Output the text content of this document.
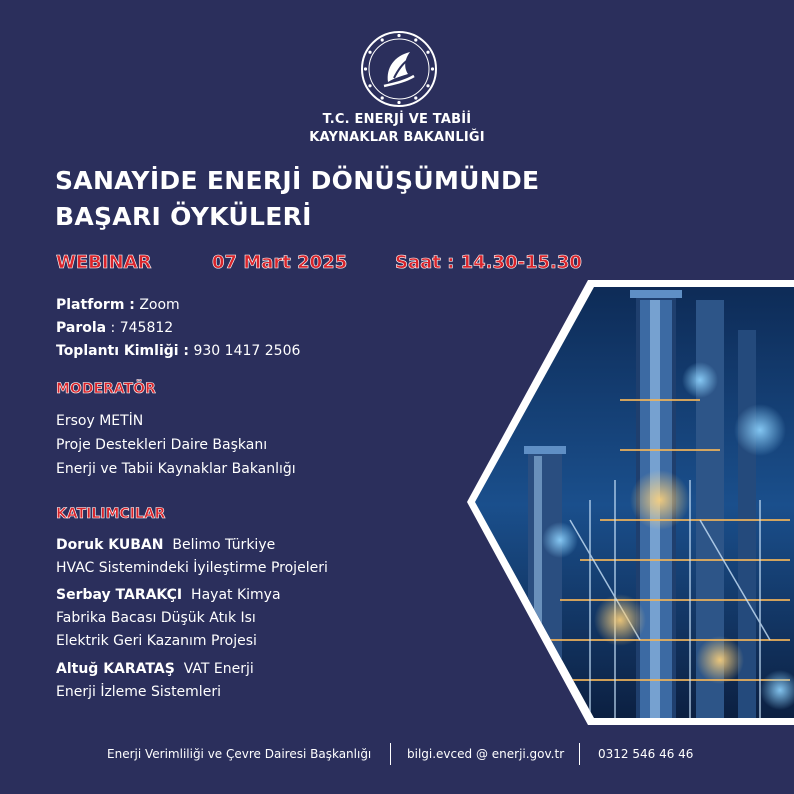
T.C. ENERJİ VE TABİİ
KAYNAKLAR BAKANLIĞI
SANAYİDE ENERJİ DÖNÜŞÜMÜNDE
BAŞARI ÖYKÜLERİ
WEBINAR	07 Mart 2025	Saat : 14.30-15.30
Platform : Zoom
Parola : 745812
Toplantı Kimliği : 930 1417 2506
MODERATÖR
Ersoy METİN
Proje Destekleri Daire Başkanı
Enerji ve Tabii Kaynaklar Bakanlığı
KATILIMCILAR
Doruk KUBAN Belimo Türkiye
HVAC Sistemindeki İyileştirme Projeleri
Serbay TARAKÇI Hayat Kimya
Fabrika Bacası Düşük Atık Isı
Elektrik Geri Kazanım Projesi
Altuğ KARATAŞ VAT Enerji
Enerji İzleme Sistemleri
Enerji Verimliliği ve Çevre Dairesi Başkanlığı	bilgi.evced @ enerji.gov.tr	0312 546 46 46
